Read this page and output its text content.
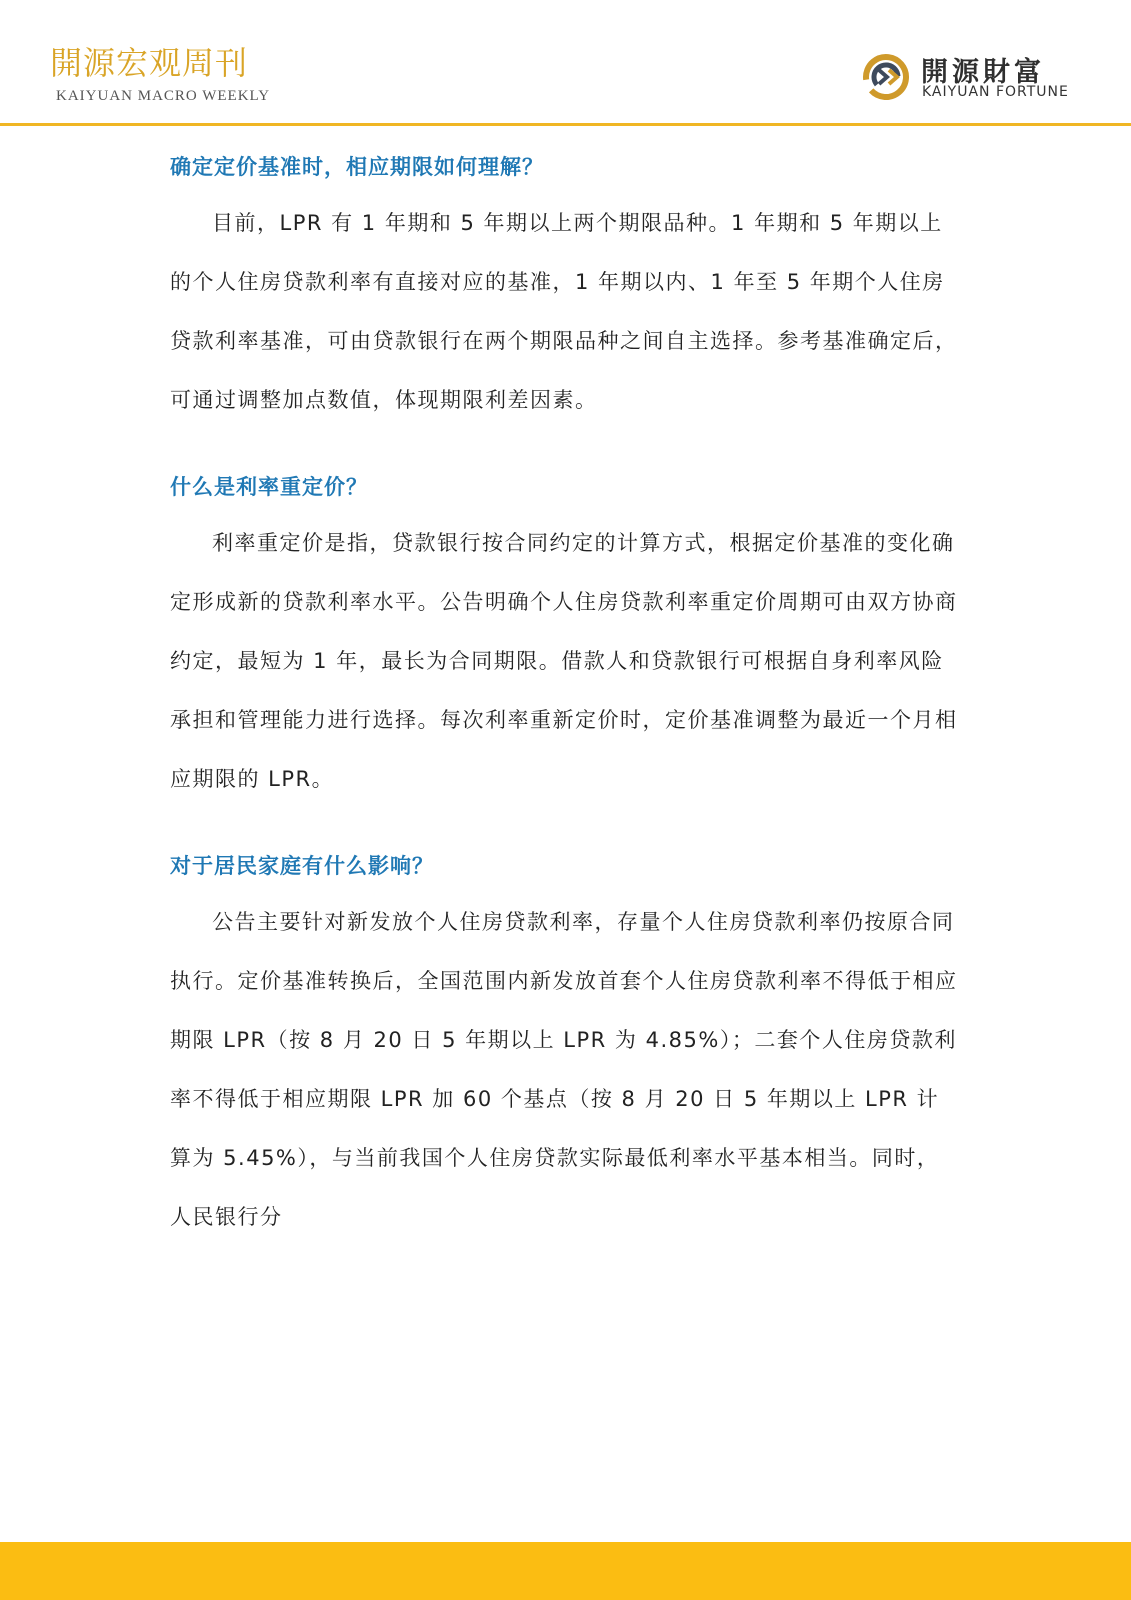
開源宏观周刊
KAIYUAN MACRO WEEKLY
開源財富
KAIYUAN FORTUNE
确定定价基准时，相应期限如何理解？

目前，LPR 有 1 年期和 5 年期以上两个期限品种。1 年期和 5 年期以上的个人住房贷款利率有直接对应的基准，1 年期以内、1 年至 5 年期个人住房贷款利率基准，可由贷款银行在两个期限品种之间自主选择。参考基准确定后，可通过调整加点数值，体现期限利差因素。

什么是利率重定价？

利率重定价是指，贷款银行按合同约定的计算方式，根据定价基准的变化确定形成新的贷款利率水平。公告明确个人住房贷款利率重定价周期可由双方协商约定，最短为 1 年，最长为合同期限。借款人和贷款银行可根据自身利率风险承担和管理能力进行选择。每次利率重新定价时，定价基准调整为最近一个月相应期限的 LPR。

对于居民家庭有什么影响？

公告主要针对新发放个人住房贷款利率，存量个人住房贷款利率仍按原合同执行。定价基准转换后，全国范围内新发放首套个人住房贷款利率不得低于相应期限 LPR（按 8 月 20 日 5 年期以上 LPR 为 4.85%）；二套个人住房贷款利率不得低于相应期限 LPR 加 60 个基点（按 8 月 20 日 5 年期以上 LPR 计算为 5.45%），与当前我国个人住房贷款实际最低利率水平基本相当。同时，人民银行分
